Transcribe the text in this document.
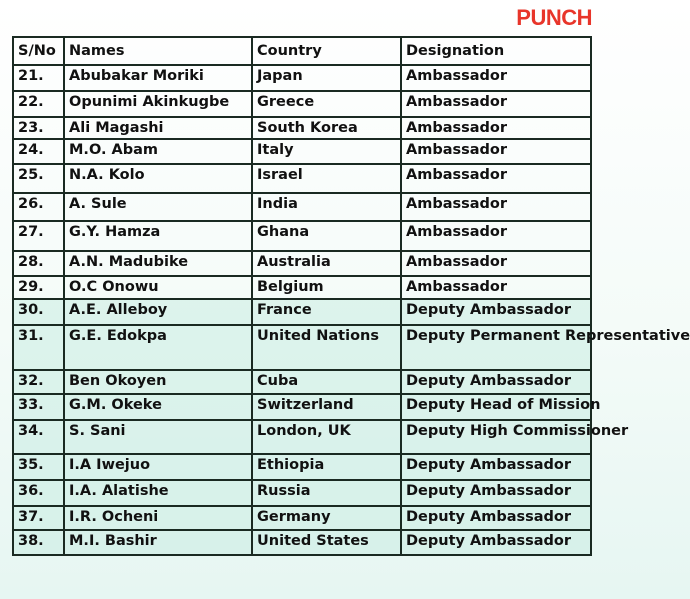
PUNCH
S/No	Names	Country	Designation
21.	Abubakar Moriki	Japan	Ambassador
22.	Opunimi Akinkugbe	Greece	Ambassador
23.	Ali Magashi	South Korea	Ambassador
24.	M.O. Abam	Italy	Ambassador
25.	N.A. Kolo	Israel	Ambassador
26.	A. Sule	India	Ambassador
27.	G.Y. Hamza	Ghana	Ambassador
28.	A.N. Madubike	Australia	Ambassador
29.	O.C Onowu	Belgium	Ambassador
30.	A.E. Alleboy	France	Deputy Ambassador
31.	G.E. Edokpa	United Nations	Deputy Permanent Representative
32.	Ben Okoyen	Cuba	Deputy Ambassador
33.	G.M. Okeke	Switzerland	Deputy Head of Mission
34.	S. Sani	London, UK	Deputy High Commissioner
35.	I.A Iwejuo	Ethiopia	Deputy Ambassador
36.	I.A. Alatishe	Russia	Deputy Ambassador
37.	I.R. Ocheni	Germany	Deputy Ambassador
38.	M.I. Bashir	United States	Deputy Ambassador
